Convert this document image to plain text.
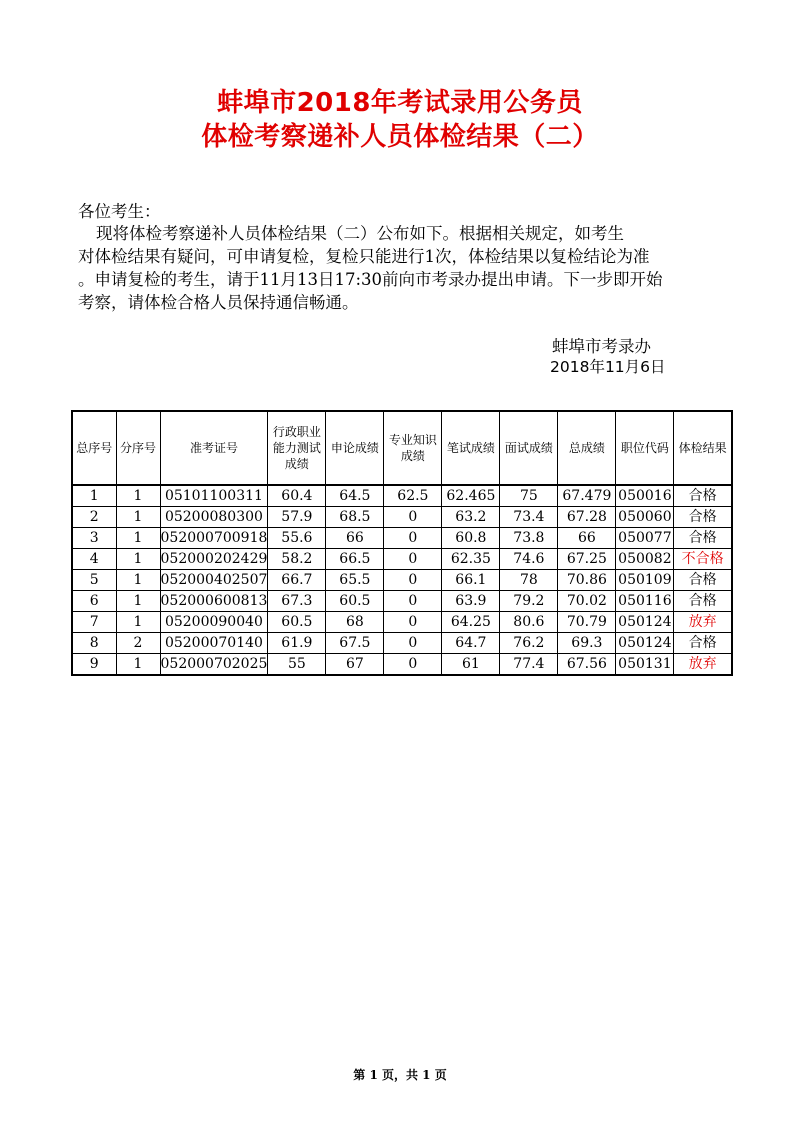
蚌埠市2018年考试录用公务员
体检考察递补人员体检结果（二）
各位考生：
现将体检考察递补人员体检结果（二）公布如下。根据相关规定，如考生
对体检结果有疑问，可申请复检，复检只能进行1次，体检结果以复检结论为准
。申请复检的考生，请于11月13日17:30前向市考录办提出申请。下一步即开始
考察，请体检合格人员保持通信畅通。
蚌埠市考录办
2018年11月6日
总序号	分序号	准考证号	行政职业能力测试成绩	申论成绩	专业知识成绩	笔试成绩	面试成绩	总成绩	职位代码	体检结果
1	1	05101100311	60.4	64.5	62.5	62.465	75	67.479	050016	合格
2	1	05200080300	57.9	68.5	0	63.2	73.4	67.28	050060	合格
3	1	052000700918	55.6	66	0	60.8	73.8	66	050077	合格
4	1	052000202429	58.2	66.5	0	62.35	74.6	67.25	050082	不合格
5	1	052000402507	66.7	65.5	0	66.1	78	70.86	050109	合格
6	1	052000600813	67.3	60.5	0	63.9	79.2	70.02	050116	合格
7	1	05200090040	60.5	68	0	64.25	80.6	70.79	050124	放弃
8	2	05200070140	61.9	67.5	0	64.7	76.2	69.3	050124	合格
9	1	052000702025	55	67	0	61	77.4	67.56	050131	放弃
第 1 页，共 1 页
